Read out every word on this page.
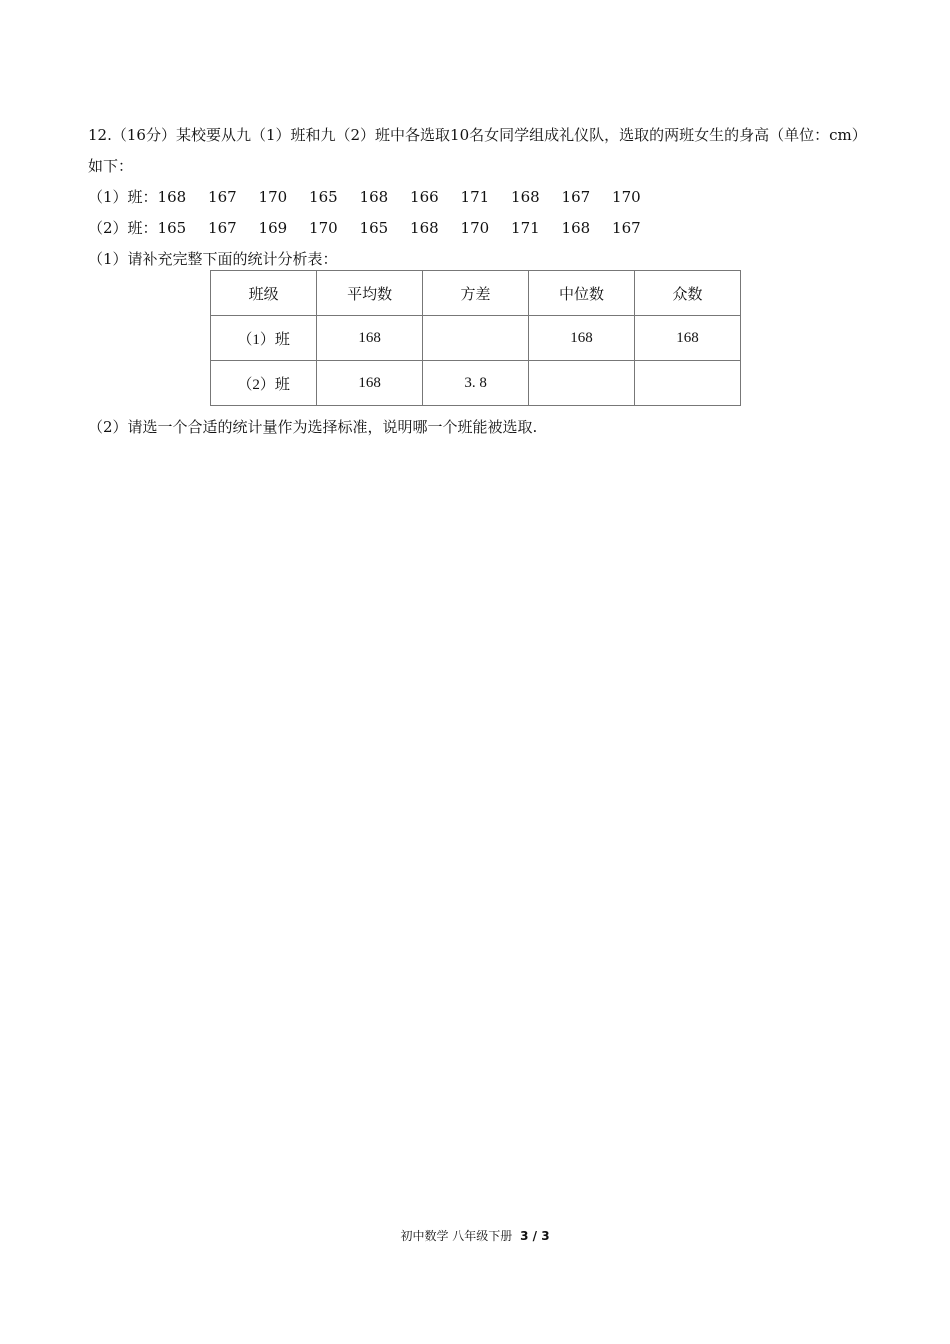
12.（16分）某校要从九（1）班和九（2）班中各选取10名女同学组成礼仪队，选取的两班女生的身高（单位：cm）如下：
（1）班： 168	167	170	165	168	166	171	168	167	170
（2）班： 165	167	169	170	165	168	170	171	168	167
（1）请补充完整下面的统计分析表：
班级	平均数	方差	中位数	众数
（1）班	168		168	168
（2）班	168	3. 8		
（2）请选一个合适的统计量作为选择标准，说明哪一个班能被选取.
初中数学 八年级下册 3 / 3
